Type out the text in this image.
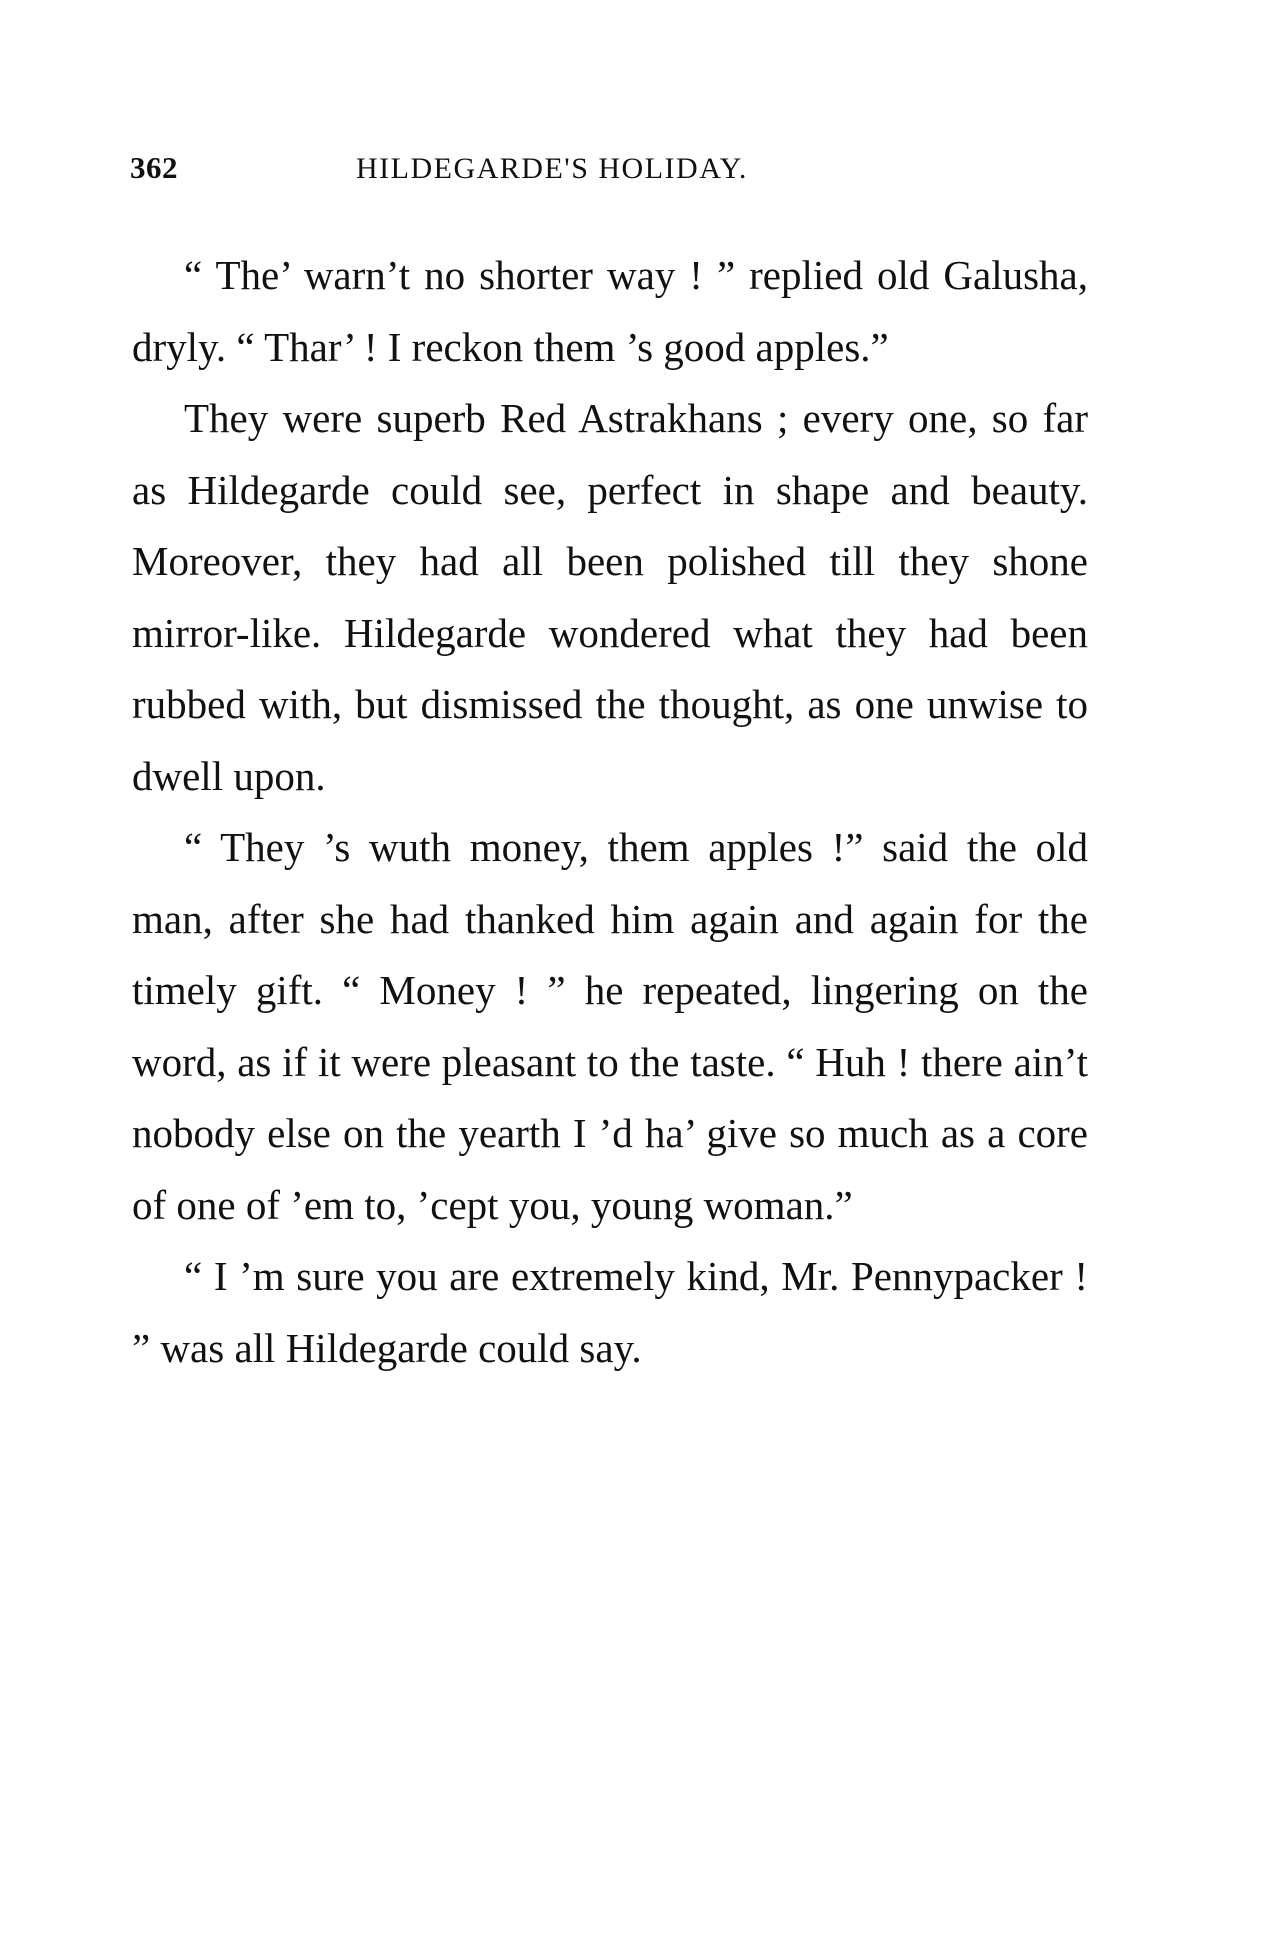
362	HILDEGARDE'S HOLIDAY.

“ The’ warn’t no shorter way ! ” replied old Galusha, dryly. “ Thar’ ! I reckon them ’s good apples.”

They were superb Red Astrakhans ; every one, so far as Hildegarde could see, perfect in shape and beauty. Moreover, they had all been polished till they shone mirror-like. Hildegarde wondered what they had been rubbed with, but dismissed the thought, as one unwise to dwell upon.

“ They ’s wuth money, them apples !” said the old man, after she had thanked him again and again for the timely gift. “ Money ! ” he repeated, lingering on the word, as if it were pleasant to the taste. “ Huh ! there ain’t nobody else on the yearth I ’d ha’ give so much as a core of one of ’em to, ’cept you, young woman.”

“ I ’m sure you are extremely kind, Mr. Pennypacker ! ” was all Hildegarde could say.
